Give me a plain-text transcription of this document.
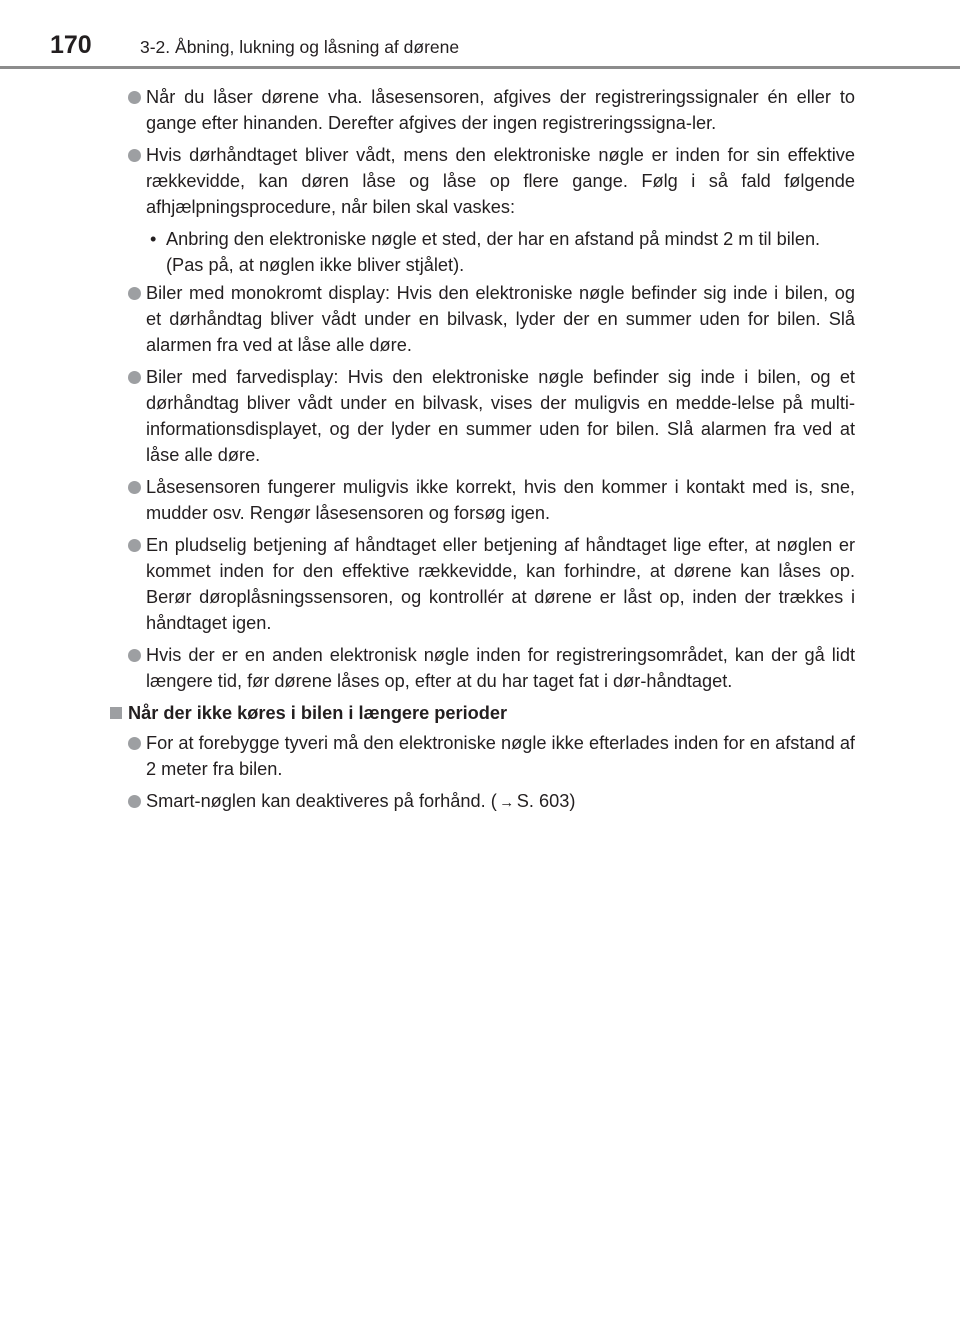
170	3-2. Åbning, lukning og låsning af dørene
Når du låser dørene vha. låsesensoren, afgives der registreringssignaler én eller to gange efter hinanden. Derefter afgives der ingen registreringssigna-ler.
Hvis dørhåndtaget bliver vådt, mens den elektroniske nøgle er inden for sin effektive rækkevidde, kan døren låse og låse op flere gange. Følg i så fald følgende afhjælpningsprocedure, når bilen skal vaskes:
• Anbring den elektroniske nøgle et sted, der har en afstand på mindst 2 m til bilen. (Pas på, at nøglen ikke bliver stjålet).
Biler med monokromt display: Hvis den elektroniske nøgle befinder sig inde i bilen, og et dørhåndtag bliver vådt under en bilvask, lyder der en summer uden for bilen. Slå alarmen fra ved at låse alle døre.
Biler med farvedisplay: Hvis den elektroniske nøgle befinder sig inde i bilen, og et dørhåndtag bliver vådt under en bilvask, vises der muligvis en medde-lelse på multi-informationsdisplayet, og der lyder en summer uden for bilen. Slå alarmen fra ved at låse alle døre.
Låsesensoren fungerer muligvis ikke korrekt, hvis den kommer i kontakt med is, sne, mudder osv. Rengør låsesensoren og forsøg igen.
En pludselig betjening af håndtaget eller betjening af håndtaget lige efter, at nøglen er kommet inden for den effektive rækkevidde, kan forhindre, at dørene kan låses op. Berør døroplåsningssensoren, og kontrollér at dørene er låst op, inden der trækkes i håndtaget igen.
Hvis der er en anden elektronisk nøgle inden for registreringsområdet, kan der gå lidt længere tid, før dørene låses op, efter at du har taget fat i dør-håndtaget.
Når der ikke køres i bilen i længere perioder
For at forebygge tyveri må den elektroniske nøgle ikke efterlades inden for en afstand af 2 meter fra bilen.
Smart-nøglen kan deaktiveres på forhånd. ( → S. 603)
